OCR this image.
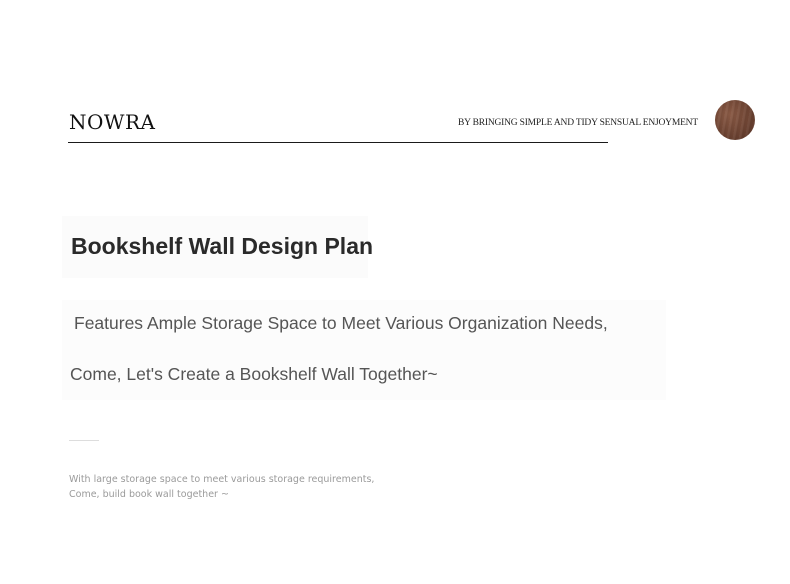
NOWRA	BY BRINGING SIMPLE AND TIDY SENSUAL ENJOYMENT
Bookshelf Wall Design Plan
Features Ample Storage Space to Meet Various Organization Needs,
Come, Let's Create a Bookshelf Wall Together~
With large storage space to meet various storage requirements,
Come, build book wall together ~
